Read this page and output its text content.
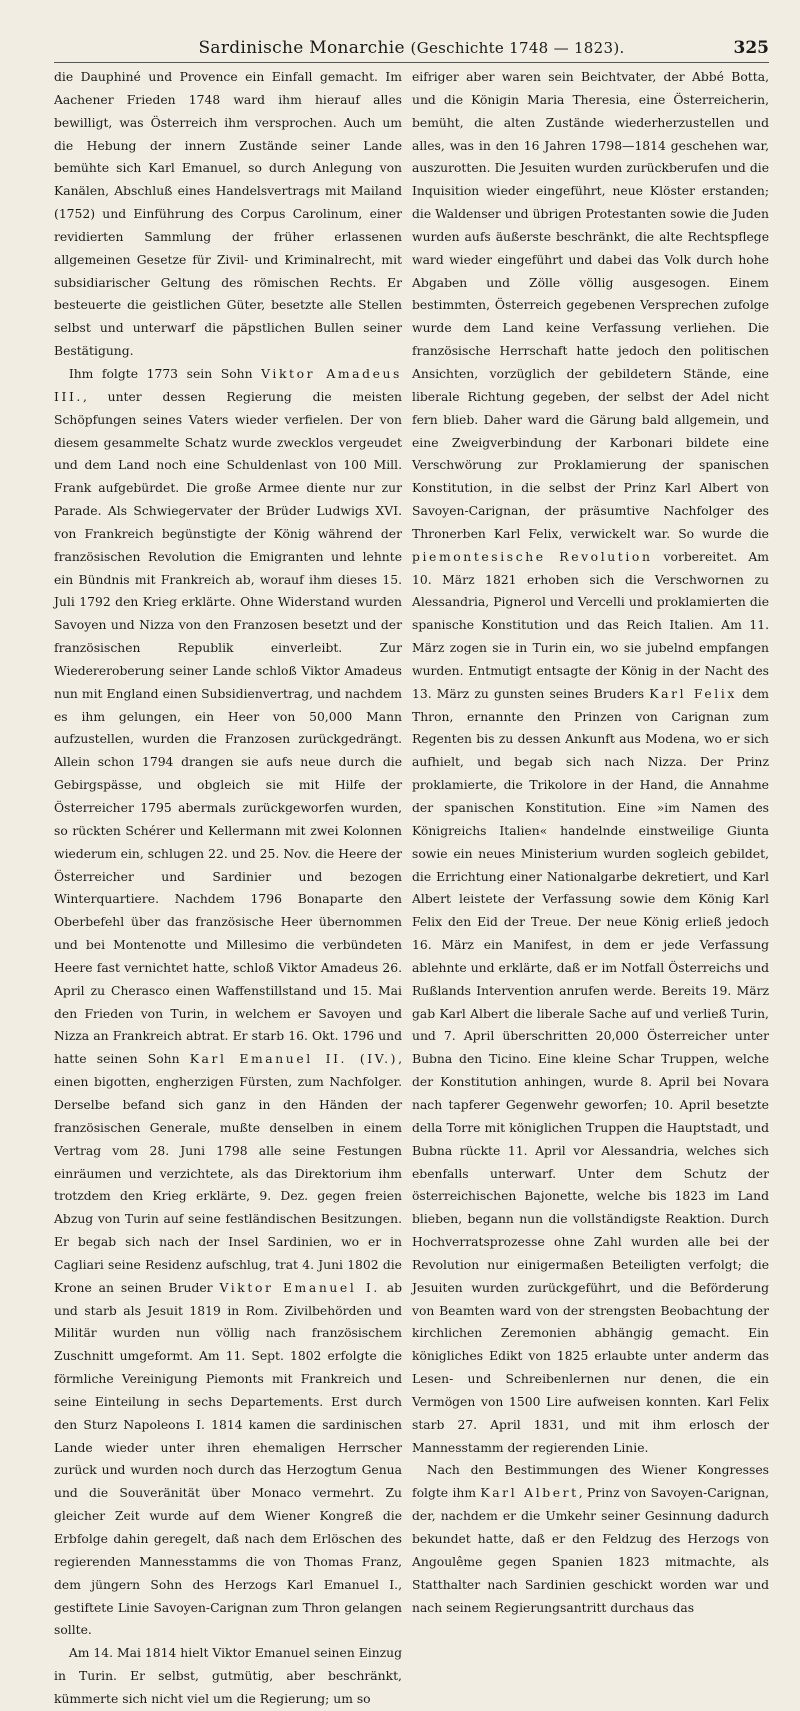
Sardinische Monarchie (Geschichte 1748 — 1823).	325

die Dauphiné und Provence ein Einfall gemacht. Im Aachener Frieden 1748 ward ihm hierauf alles bewilligt, was Österreich ihm versprochen. Auch um die Hebung der innern Zustände seiner Lande bemühte sich Karl Emanuel, so durch Anlegung von Kanälen, Abschluß eines Handelsvertrags mit Mailand (1752) und Einführung des Corpus Carolinum, einer revidierten Sammlung der früher erlassenen allgemeinen Gesetze für Zivil- und Kriminalrecht, mit subsidiarischer Geltung des römischen Rechts. Er besteuerte die geistlichen Güter, besetzte alle Stellen selbst und unterwarf die päpstlichen Bullen seiner Bestätigung.

Ihm folgte 1773 sein Sohn Viktor Amadeus III., unter dessen Regierung die meisten Schöpfungen seines Vaters wieder verfielen. Der von diesem gesammelte Schatz wurde zwecklos vergeudet und dem Land noch eine Schuldenlast von 100 Mill. Frank aufgebürdet. Die große Armee diente nur zur Parade. Als Schwiegervater der Brüder Ludwigs XVI. von Frankreich begünstigte der König während der französischen Revolution die Emigranten und lehnte ein Bündnis mit Frankreich ab, worauf ihm dieses 15. Juli 1792 den Krieg erklärte. Ohne Widerstand wurden Savoyen und Nizza von den Franzosen besetzt und der französischen Republik einverleibt. Zur Wiedereroberung seiner Lande schloß Viktor Amadeus nun mit England einen Subsidienvertrag, und nachdem es ihm gelungen, ein Heer von 50,000 Mann aufzustellen, wurden die Franzosen zurückgedrängt. Allein schon 1794 drangen sie aufs neue durch die Gebirgspässe, und obgleich sie mit Hilfe der Österreicher 1795 abermals zurückgeworfen wurden, so rückten Schérer und Kellermann mit zwei Kolonnen wiederum ein, schlugen 22. und 25. Nov. die Heere der Österreicher und Sardinier und bezogen Winterquartiere. Nachdem 1796 Bonaparte den Oberbefehl über das französische Heer übernommen und bei Montenotte und Millesimo die verbündeten Heere fast vernichtet hatte, schloß Viktor Amadeus 26. April zu Cherasco einen Waffenstillstand und 15. Mai den Frieden von Turin, in welchem er Savoyen und Nizza an Frankreich abtrat. Er starb 16. Okt. 1796 und hatte seinen Sohn Karl Emanuel II. (IV.), einen bigotten, engherzigen Fürsten, zum Nachfolger. Derselbe befand sich ganz in den Händen der französischen Generale, mußte denselben in einem Vertrag vom 28. Juni 1798 alle seine Festungen einräumen und verzichtete, als das Direktorium ihm trotzdem den Krieg erklärte, 9. Dez. gegen freien Abzug von Turin auf seine festländischen Besitzungen. Er begab sich nach der Insel Sardinien, wo er in Cagliari seine Residenz aufschlug, trat 4. Juni 1802 die Krone an seinen Bruder Viktor Emanuel I. ab und starb als Jesuit 1819 in Rom. Zivilbehörden und Militär wurden nun völlig nach französischem Zuschnitt umgeformt. Am 11. Sept. 1802 erfolgte die förmliche Vereinigung Piemonts mit Frankreich und seine Einteilung in sechs Departements. Erst durch den Sturz Napoleons I. 1814 kamen die sardinischen Lande wieder unter ihren ehemaligen Herrscher zurück und wurden noch durch das Herzogtum Genua und die Souveränität über Monaco vermehrt. Zu gleicher Zeit wurde auf dem Wiener Kongreß die Erbfolge dahin geregelt, daß nach dem Erlöschen des regierenden Mannesstamms die von Thomas Franz, dem jüngern Sohn des Herzogs Karl Emanuel I., gestiftete Linie Savoyen-Carignan zum Thron gelangen sollte.

Am 14. Mai 1814 hielt Viktor Emanuel seinen Einzug in Turin. Er selbst, gutmütig, aber beschränkt, kümmerte sich nicht viel um die Regierung; um so

eifriger aber waren sein Beichtvater, der Abbé Botta, und die Königin Maria Theresia, eine Österreicherin, bemüht, die alten Zustände wiederherzustellen und alles, was in den 16 Jahren 1798—1814 geschehen war, auszurotten. Die Jesuiten wurden zurückberufen und die Inquisition wieder eingeführt, neue Klöster erstanden; die Waldenser und übrigen Protestanten sowie die Juden wurden aufs äußerste beschränkt, die alte Rechtspflege ward wieder eingeführt und dabei das Volk durch hohe Abgaben und Zölle völlig ausgesogen. Einem bestimmten, Österreich gegebenen Versprechen zufolge wurde dem Land keine Verfassung verliehen. Die französische Herrschaft hatte jedoch den politischen Ansichten, vorzüglich der gebildetern Stände, eine liberale Richtung gegeben, der selbst der Adel nicht fern blieb. Daher ward die Gärung bald allgemein, und eine Zweigverbindung der Karbonari bildete eine Verschwörung zur Proklamierung der spanischen Konstitution, in die selbst der Prinz Karl Albert von Savoyen-Carignan, der präsumtive Nachfolger des Thronerben Karl Felix, verwickelt war. So wurde die piemontesische Revolution vorbereitet. Am 10. März 1821 erhoben sich die Verschwornen zu Alessandria, Pignerol und Vercelli und proklamierten die spanische Konstitution und das Reich Italien. Am 11. März zogen sie in Turin ein, wo sie jubelnd empfangen wurden. Entmutigt entsagte der König in der Nacht des 13. März zu gunsten seines Bruders Karl Felix dem Thron, ernannte den Prinzen von Carignan zum Regenten bis zu dessen Ankunft aus Modena, wo er sich aufhielt, und begab sich nach Nizza. Der Prinz proklamierte, die Trikolore in der Hand, die Annahme der spanischen Konstitution. Eine »im Namen des Königreichs Italien« handelnde einstweilige Giunta sowie ein neues Ministerium wurden sogleich gebildet, die Errichtung einer Nationalgarbe dekretiert, und Karl Albert leistete der Verfassung sowie dem König Karl Felix den Eid der Treue. Der neue König erließ jedoch 16. März ein Manifest, in dem er jede Verfassung ablehnte und erklärte, daß er im Notfall Österreichs und Rußlands Intervention anrufen werde. Bereits 19. März gab Karl Albert die liberale Sache auf und verließ Turin, und 7. April überschritten 20,000 Österreicher unter Bubna den Ticino. Eine kleine Schar Truppen, welche der Konstitution anhingen, wurde 8. April bei Novara nach tapferer Gegenwehr geworfen; 10. April besetzte della Torre mit königlichen Truppen die Hauptstadt, und Bubna rückte 11. April vor Alessandria, welches sich ebenfalls unterwarf. Unter dem Schutz der österreichischen Bajonette, welche bis 1823 im Land blieben, begann nun die vollständigste Reaktion. Durch Hochverratsprozesse ohne Zahl wurden alle bei der Revolution nur einigermaßen Beteiligten verfolgt; die Jesuiten wurden zurückgeführt, und die Beförderung von Beamten ward von der strengsten Beobachtung der kirchlichen Zeremonien abhängig gemacht. Ein königliches Edikt von 1825 erlaubte unter anderm das Lesen- und Schreibenlernen nur denen, die ein Vermögen von 1500 Lire aufweisen konnten. Karl Felix starb 27. April 1831, und mit ihm erlosch der Mannesstamm der regierenden Linie.

Nach den Bestimmungen des Wiener Kongresses folgte ihm Karl Albert, Prinz von Savoyen-Carignan, der, nachdem er die Umkehr seiner Gesinnung dadurch bekundet hatte, daß er den Feldzug des Herzogs von Angoulême gegen Spanien 1823 mitmachte, als Statthalter nach Sardinien geschickt worden war und nach seinem Regierungsantritt durchaus das
